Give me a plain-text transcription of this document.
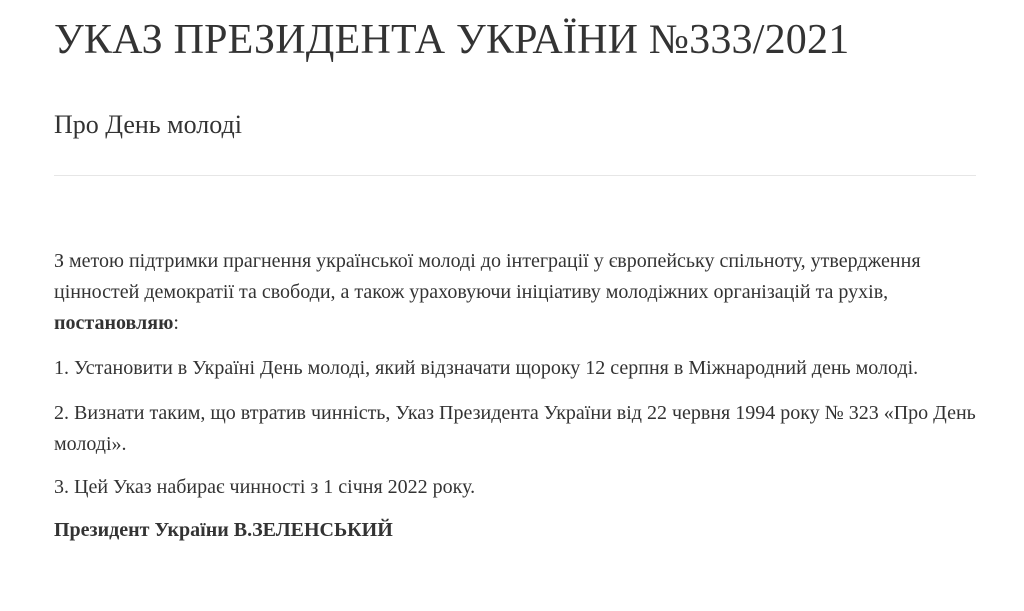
УКАЗ ПРЕЗИДЕНТА УКРАЇНИ №333/2021
Про День молоді

З метою підтримки прагнення української молоді до інтеграції у європейську спільноту, утвердження цінностей демократії та свободи, а також ураховуючи ініціативу молодіжних організацій та рухів, постановляю:

1. Установити в Україні День молоді, який відзначати щороку 12 серпня в Міжнародний день молоді.

2. Визнати таким, що втратив чинність, Указ Президента України від 22 червня 1994 року № 323 «Про День молоді».

3. Цей Указ набирає чинності з 1 січня 2022 року.

Президент України В.ЗЕЛЕНСЬКИЙ
